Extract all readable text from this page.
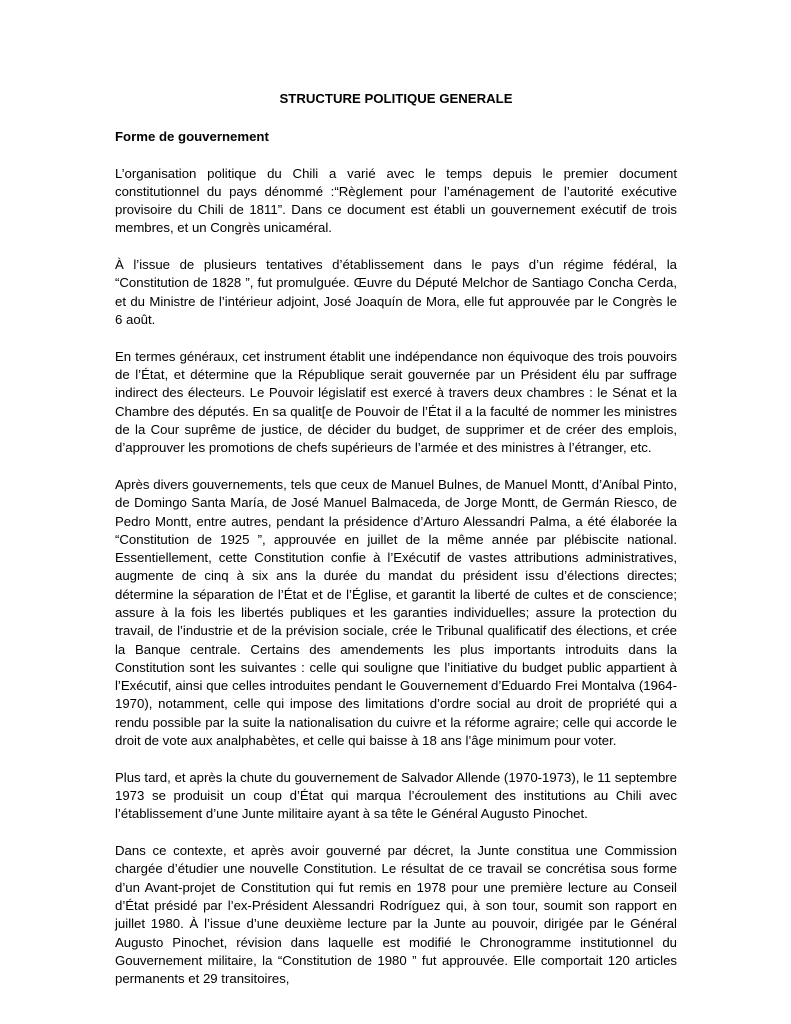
STRUCTURE POLITIQUE GENERALE
Forme de gouvernement

L’organisation politique du Chili a varié avec le temps depuis le premier document constitutionnel du pays dénommé :“Règlement pour l’aménagement de l’autorité exécutive provisoire du Chili de 1811”. Dans ce document est établi un gouvernement exécutif de trois membres, et un Congrès unicaméral.

À l’issue de plusieurs tentatives d’établissement dans le pays d’un régime fédéral, la “Constitution de 1828 ”, fut promulguée. Œuvre du Député Melchor de Santiago Concha Cerda, et du Ministre de l’intérieur adjoint, José Joaquín de Mora, elle fut approuvée par le Congrès le 6 août.

En termes généraux, cet instrument établit une indépendance non équivoque des trois pouvoirs de l’État, et détermine que la République serait gouvernée par un Président élu par suffrage indirect des électeurs. Le Pouvoir législatif est exercé à travers deux chambres : le Sénat et la Chambre des députés. En sa qualit[e de Pouvoir de l’État il a la faculté de nommer les ministres de la Cour suprême de justice, de décider du budget, de supprimer et de créer des emplois, d’approuver les promotions de chefs supérieurs de l’armée et des ministres à l’étranger, etc.

Après divers gouvernements, tels que ceux de Manuel Bulnes, de Manuel Montt, d’Aníbal Pinto, de Domingo Santa María, de José Manuel Balmaceda, de Jorge Montt, de Germán Riesco, de Pedro Montt, entre autres, pendant la présidence d’Arturo Alessandri Palma, a été élaborée la “Constitution de 1925 ”, approuvée en juillet de la même année par plébiscite national. Essentiellement, cette Constitution confie à l’Exécutif de vastes attributions administratives, augmente de cinq à six ans la durée du mandat du président issu d’élections directes; détermine la séparation de l’État et de l’Église, et garantit la liberté de cultes et de conscience; assure à la fois les libertés publiques et les garanties individuelles; assure la protection du travail, de l’industrie et de la prévision sociale, crée le Tribunal qualificatif des élections, et crée la Banque centrale. Certains des amendements les plus importants introduits dans la Constitution sont les suivantes : celle qui souligne que l’initiative du budget public appartient à l’Exécutif, ainsi que celles introduites pendant le Gouvernement d’Eduardo Frei Montalva (1964-1970), notamment, celle qui impose des limitations d’ordre social au droit de propriété qui a rendu possible par la suite la nationalisation du cuivre et la réforme agraire; celle qui accorde le droit de vote aux analphabètes, et celle qui baisse à 18 ans l’âge minimum pour voter.

Plus tard, et après la chute du gouvernement de Salvador Allende (1970-1973), le 11 septembre 1973 se produisit un coup d’État qui marqua l’écroulement des institutions au Chili avec l’établissement d’une Junte militaire ayant à sa tête le Général Augusto Pinochet.

Dans ce contexte, et après avoir gouverné par décret, la Junte constitua une Commission chargée d’étudier une nouvelle Constitution. Le résultat de ce travail se concrétisa sous forme d’un Avant-projet de Constitution qui fut remis en 1978 pour une première lecture au Conseil d’État présidé par l’ex-Président Alessandri Rodríguez qui, à son tour, soumit son rapport en juillet 1980. À l’issue d’une deuxième lecture par la Junte au pouvoir, dirigée par le Général Augusto Pinochet, révision dans laquelle est modifié le Chronogramme institutionnel du Gouvernement militaire, la “Constitution de 1980 ” fut approuvée. Elle comportait 120 articles permanents et 29 transitoires,
